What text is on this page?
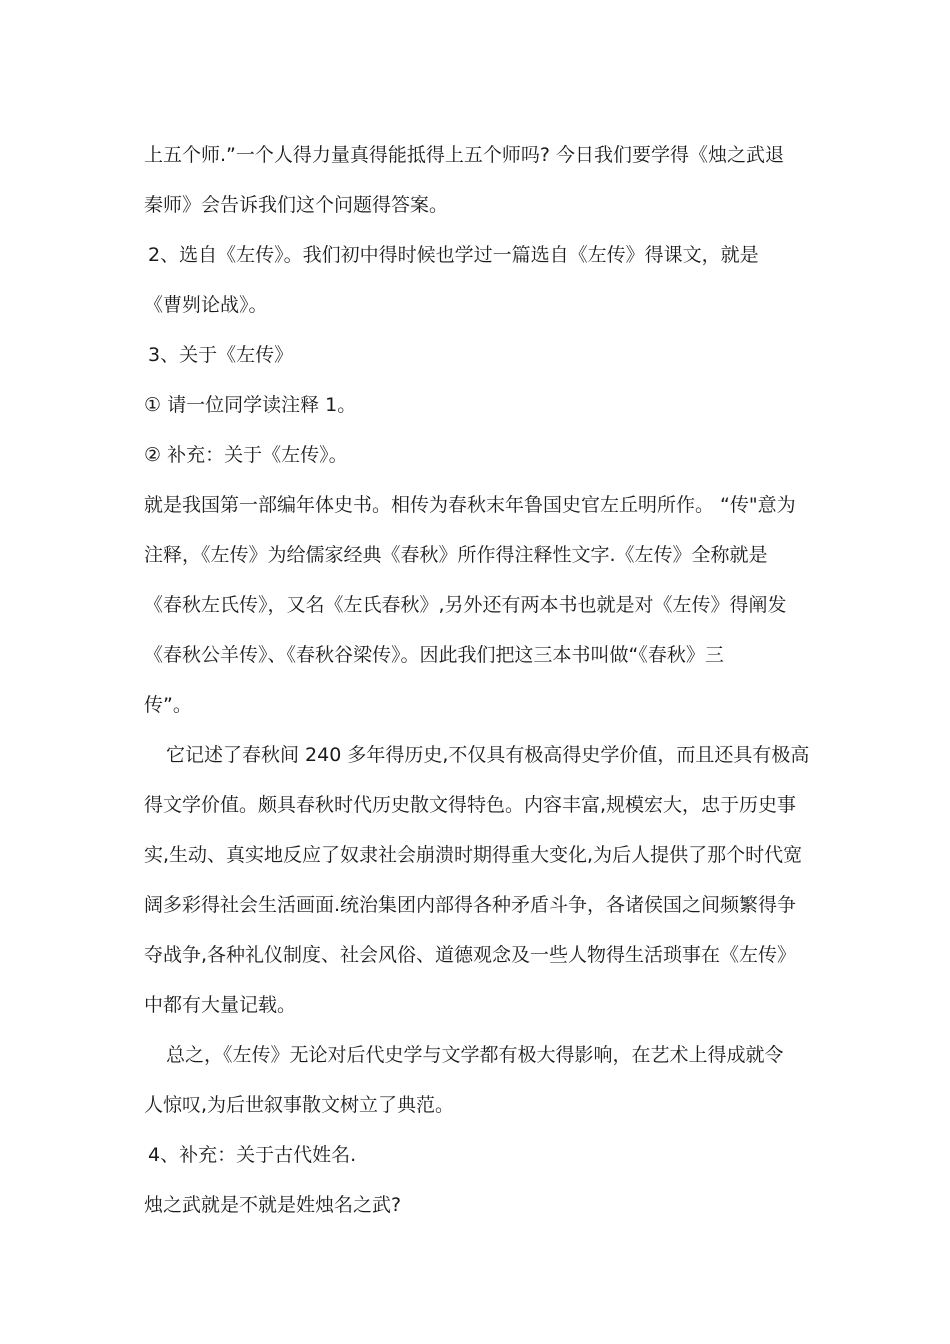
上五个师.”一个人得力量真得能抵得上五个师吗? 今日我们要学得《烛之武退
秦师》会告诉我们这个问题得答案。
2、选自《左传》。我们初中得时候也学过一篇选自《左传》得课文，就是
《曹刿论战》。
3、关于《左传》
① 请一位同学读注释 1。
② 补充：关于《左传》。
就是我国第一部编年体史书。相传为春秋末年鲁国史官左丘明所作。 “传"意为
注释，《左传》为给儒家经典《春秋》所作得注释性文字.《左传》全称就是
《春秋左氏传》，又名《左氏春秋》,另外还有两本书也就是对《左传》得阐发
《春秋公羊传》、《春秋谷梁传》。因此我们把这三本书叫做“《春秋》三
传”。
它记述了春秋间 240 多年得历史,不仅具有极高得史学价值，而且还具有极高
得文学价值。颇具春秋时代历史散文得特色。内容丰富,规模宏大，忠于历史事
实,生动、真实地反应了奴隶社会崩溃时期得重大变化,为后人提供了那个时代宽
阔多彩得社会生活画面.统治集团内部得各种矛盾斗争，各诸侯国之间频繁得争
夺战争,各种礼仪制度、社会风俗、道德观念及一些人物得生活琐事在《左传》
中都有大量记载。
总之，《左传》无论对后代史学与文学都有极大得影响，在艺术上得成就令
人惊叹,为后世叙事散文树立了典范。
4、补充：关于古代姓名.
烛之武就是不就是姓烛名之武?
